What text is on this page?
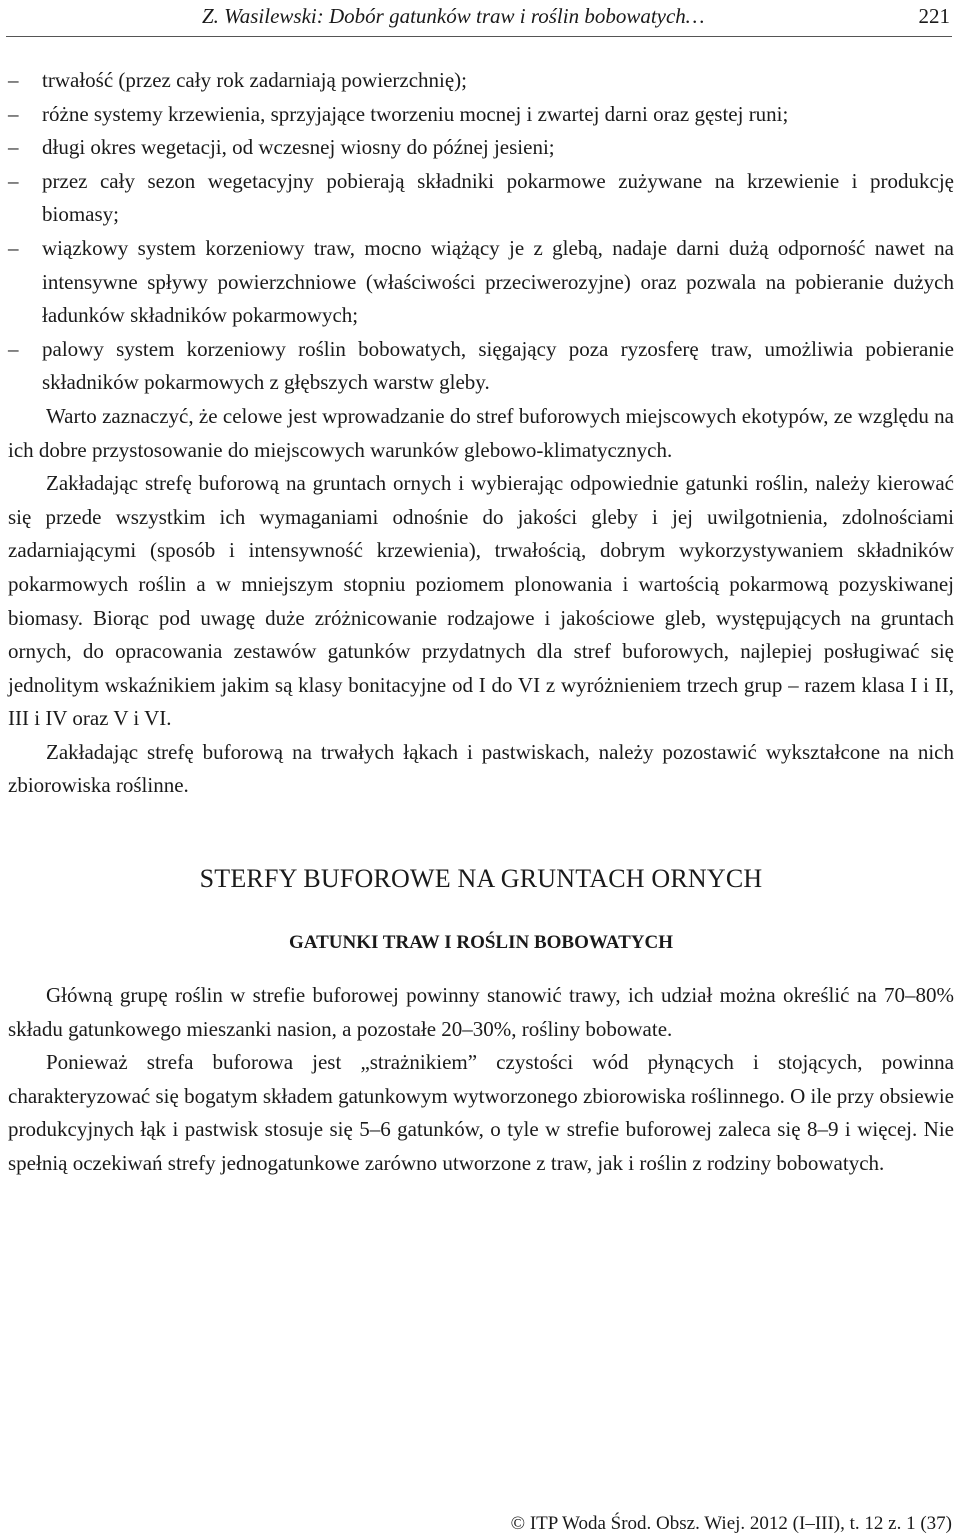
Z. Wasilewski: Dobór gatunków traw i roślin bobowatych…	221
– trwałość (przez cały rok zadarniają powierzchnię);
– różne systemy krzewienia, sprzyjające tworzeniu mocnej i zwartej darni oraz gęstej runi;
– długi okres wegetacji, od wczesnej wiosny do późnej jesieni;
– przez cały sezon wegetacyjny pobierają składniki pokarmowe zużywane na krzewienie i produkcję biomasy;
– wiązkowy system korzeniowy traw, mocno wiążący je z glebą, nadaje darni dużą odporność nawet na intensywne spływy powierzchniowe (właściwości przeciwerozyjne) oraz pozwala na pobieranie dużych ładunków składników pokarmowych;
– palowy system korzeniowy roślin bobowatych, sięgający poza ryzosferę traw, umożliwia pobieranie składników pokarmowych z głębszych warstw gleby.

Warto zaznaczyć, że celowe jest wprowadzanie do stref buforowych miejscowych ekotypów, ze względu na ich dobre przystosowanie do miejscowych warunków glebowo-klimatycznych.

Zakładając strefę buforową na gruntach ornych i wybierając odpowiednie gatunki roślin, należy kierować się przede wszystkim ich wymaganiami odnośnie do jakości gleby i jej uwilgotnienia, zdolnościami zadarniającymi (sposób i intensywność krzewienia), trwałością, dobrym wykorzystywaniem składników pokarmowych roślin a w mniejszym stopniu poziomem plonowania i wartością pokarmową pozyskiwanej biomasy. Biorąc pod uwagę duże zróżnicowanie rodzajowe i jakościowe gleb, występujących na gruntach ornych, do opracowania zestawów gatunków przydatnych dla stref buforowych, najlepiej posługiwać się jednolitym wskaźnikiem jakim są klasy bonitacyjne od I do VI z wyróżnieniem trzech grup – razem klasa I i II, III i IV oraz V i VI.

Zakładając strefę buforową na trwałych łąkach i pastwiskach, należy pozostawić wykształcone na nich zbiorowiska roślinne.

STERFY BUFOROWE NA GRUNTACH ORNYCH
GATUNKI TRAW I ROŚLIN BOBOWATYCH

Główną grupę roślin w strefie buforowej powinny stanowić trawy, ich udział można określić na 70–80% składu gatunkowego mieszanki nasion, a pozostałe 20–30%, rośliny bobowate.

Ponieważ strefa buforowa jest „strażnikiem” czystości wód płynących i stojących, powinna charakteryzować się bogatym składem gatunkowym wytworzonego zbiorowiska roślinnego. O ile przy obsiewie produkcyjnych łąk i pastwisk stosuje się 5–6 gatunków, o tyle w strefie buforowej zaleca się 8–9 i więcej. Nie spełnią oczekiwań strefy jednogatunkowe zarówno utworzone z traw, jak i roślin z rodziny bobowatych.

© ITP Woda Środ. Obsz. Wiej. 2012 (I–III), t. 12 z. 1 (37)
